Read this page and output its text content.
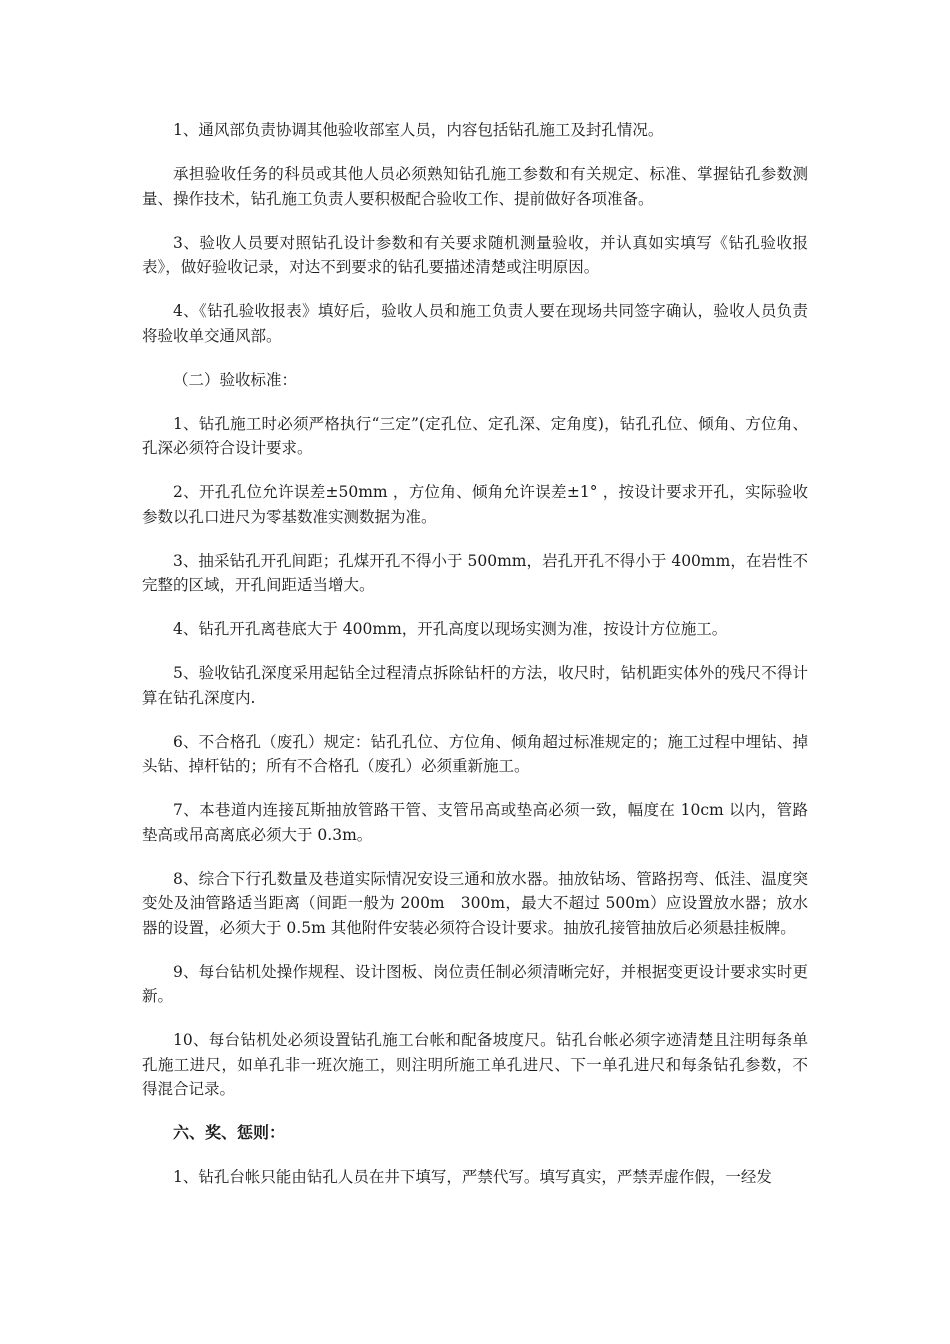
1、通风部负责协调其他验收部室人员，内容包括钻孔施工及封孔情况。

承担验收任务的科员或其他人员必须熟知钻孔施工参数和有关规定、标准、掌握钻孔参数测量、操作技术，钻孔施工负责人要积极配合验收工作、提前做好各项准备。

3、验收人员要对照钻孔设计参数和有关要求随机测量验收，并认真如实填写《钻孔验收报表》，做好验收记录，对达不到要求的钻孔要描述清楚或注明原因。

4、《钻孔验收报表》填好后，验收人员和施工负责人要在现场共同签字确认，验收人员负责将验收单交通风部。

（二）验收标准：

1、钻孔施工时必须严格执行“三定”(定孔位、定孔深、定角度)，钻孔孔位、倾角、方位角、孔深必须符合设计要求。

2、开孔孔位允许误差±50mm ，方位角、倾角允许误差±1° ，按设计要求开孔，实际验收参数以孔口进尺为零基数准实测数据为准。

3、抽采钻孔开孔间距；孔煤开孔不得小于 500mm，岩孔开孔不得小于 400mm，在岩性不完整的区域，开孔间距适当增大。

4、钻孔开孔离巷底大于 400mm，开孔高度以现场实测为准，按设计方位施工。

5、验收钻孔深度采用起钻全过程清点拆除钻杆的方法，收尺时，钻机距实体外的残尺不得计算在钻孔深度内.

6、不合格孔（废孔）规定：钻孔孔位、方位角、倾角超过标准规定的；施工过程中埋钻、掉头钻、掉杆钻的；所有不合格孔（废孔）必须重新施工。

7、本巷道内连接瓦斯抽放管路干管、支管吊高或垫高必须一致，幅度在 10cm 以内，管路垫高或吊高离底必须大于 0.3m。

8、综合下行孔数量及巷道实际情况安设三通和放水器。抽放钻场、管路拐弯、低洼、温度突变处及油管路适当距离（间距一般为 200m　300m，最大不超过 500m）应设置放水器；放水器的设置，必须大于 0.5m 其他附件安装必须符合设计要求。抽放孔接管抽放后必须悬挂板牌。

9、每台钻机处操作规程、设计图板、岗位责任制必须清晰完好，并根据变更设计要求实时更新。

10、每台钻机处必须设置钻孔施工台帐和配备坡度尺。钻孔台帐必须字迹清楚且注明每条单孔施工进尺，如单孔非一班次施工，则注明所施工单孔进尺、下一单孔进尺和每条钻孔参数，不得混合记录。

六、奖、惩则：

1、钻孔台帐只能由钻孔人员在井下填写，严禁代写。填写真实，严禁弄虚作假，一经发
